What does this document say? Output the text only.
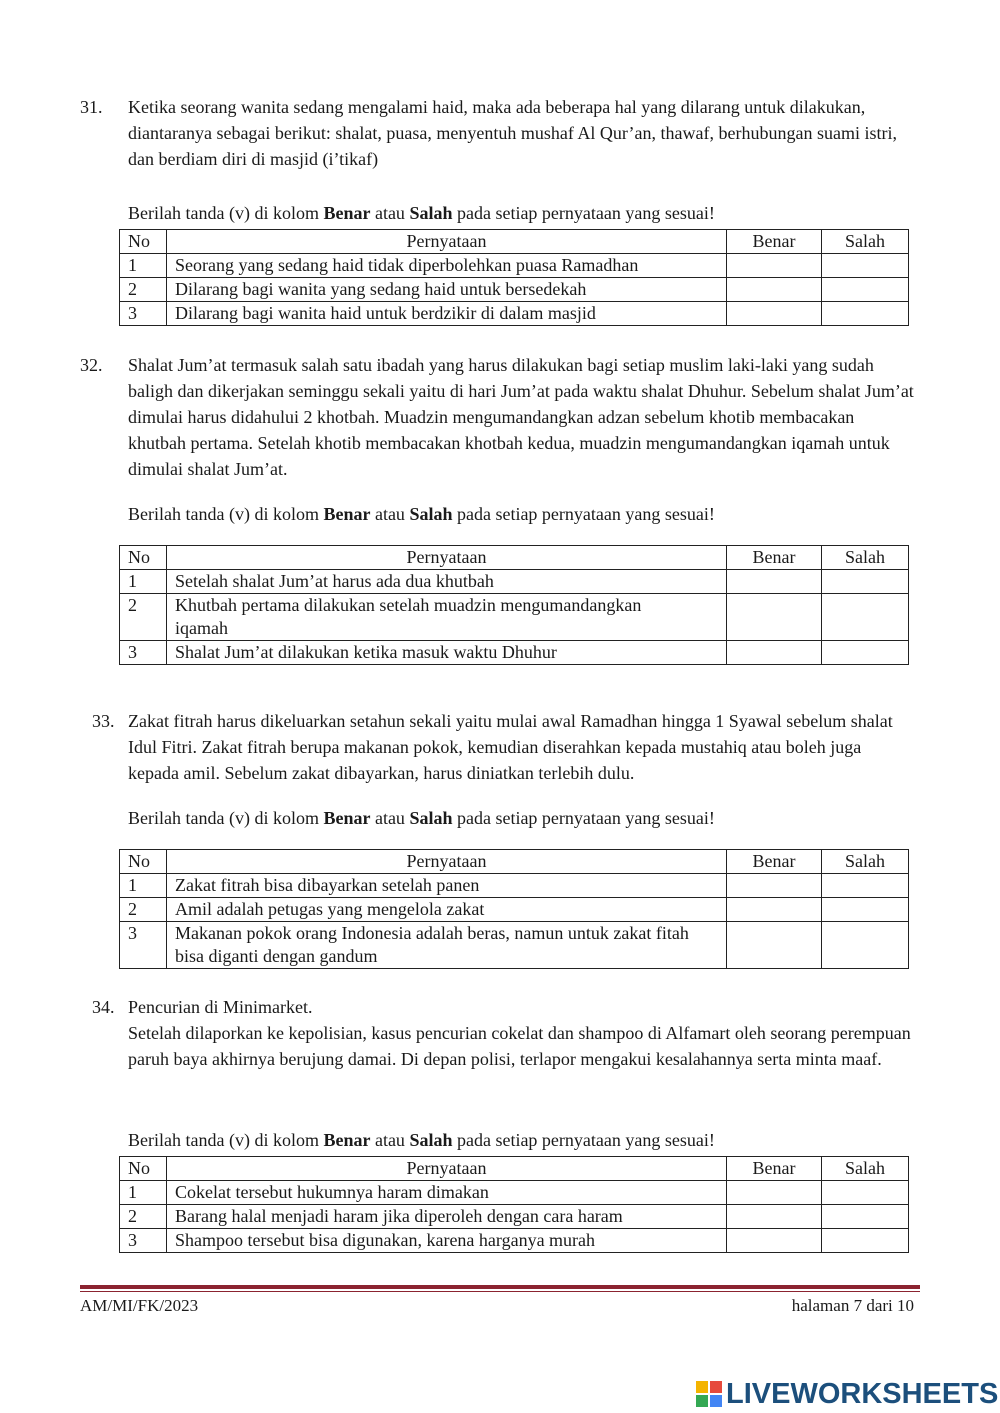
31. Ketika seorang wanita sedang mengalami haid, maka ada beberapa hal yang dilarang untuk dilakukan, diantaranya sebagai berikut: shalat, puasa, menyentuh mushaf Al Qur’an, thawaf, berhubungan suami istri, dan berdiam diri di masjid (i’tikaf)

Berilah tanda (v) di kolom Benar atau Salah pada setiap pernyataan yang sesuai!
No	Pernyataan	Benar	Salah
1	Seorang yang sedang haid tidak diperbolehkan puasa Ramadhan		
2	Dilarang bagi wanita yang sedang haid untuk bersedekah		
3	Dilarang bagi wanita haid untuk berdzikir di dalam masjid		
32. Shalat Jum’at termasuk salah satu ibadah yang harus dilakukan bagi setiap muslim laki-laki yang sudah baligh dan dikerjakan seminggu sekali yaitu di hari Jum’at pada waktu shalat Dhuhur. Sebelum shalat Jum’at dimulai harus didahului 2 khotbah. Muadzin mengumandangkan adzan sebelum khotib membacakan khutbah pertama. Setelah khotib membacakan khotbah kedua, muadzin mengumandangkan iqamah untuk dimulai shalat Jum’at.

Berilah tanda (v) di kolom Benar atau Salah pada setiap pernyataan yang sesuai!
No	Pernyataan	Benar	Salah
1	Setelah shalat Jum’at harus ada dua khutbah		
2	Khutbah pertama dilakukan setelah muadzin mengumandangkan iqamah		
3	Shalat Jum’at dilakukan ketika masuk waktu Dhuhur		
33. Zakat fitrah harus dikeluarkan setahun sekali yaitu mulai awal Ramadhan hingga 1 Syawal sebelum shalat Idul Fitri. Zakat fitrah berupa makanan pokok, kemudian diserahkan kepada mustahiq atau boleh juga kepada amil. Sebelum zakat dibayarkan, harus diniatkan terlebih dulu.

Berilah tanda (v) di kolom Benar atau Salah pada setiap pernyataan yang sesuai!
No	Pernyataan	Benar	Salah
1	Zakat fitrah bisa dibayarkan setelah panen		
2	Amil adalah petugas yang mengelola zakat		
3	Makanan pokok orang Indonesia adalah beras, namun untuk zakat fitah bisa diganti dengan gandum		
34. Pencurian di Minimarket.

Setelah dilaporkan ke kepolisian, kasus pencurian cokelat dan shampoo di Alfamart oleh seorang perempuan paruh baya akhirnya berujung damai. Di depan polisi, terlapor mengakui kesalahannya serta minta maaf.

Berilah tanda (v) di kolom Benar atau Salah pada setiap pernyataan yang sesuai!
No	Pernyataan	Benar	Salah
1	Cokelat tersebut hukumnya haram dimakan		
2	Barang halal menjadi haram jika diperoleh dengan cara haram		
3	Shampoo tersebut bisa digunakan, karena harganya murah		
AM/MI/FK/2023	halaman 7 dari 10
LIVEWORKSHEETS
